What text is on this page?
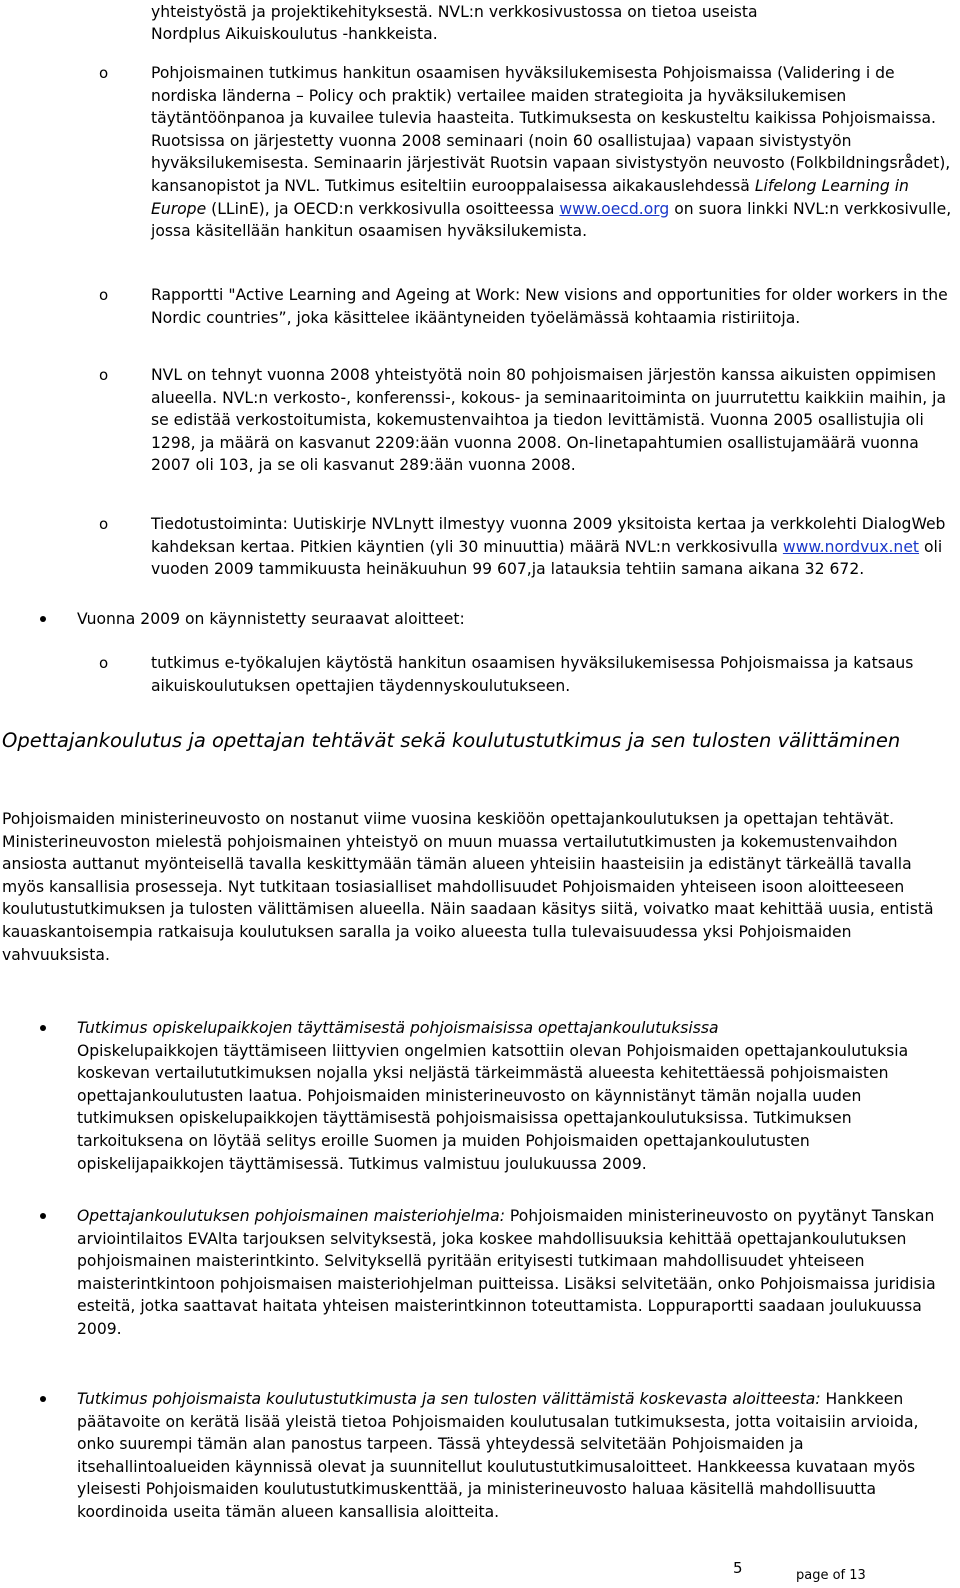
yhteistyöstä ja projektikehityksestä. NVL:n verkkosivustossa on tietoa useista

Nordplus Aikuiskoulutus -hankkeista.

o	Pohjoismainen tutkimus hankitun osaamisen hyväksilukemisesta Pohjoismaissa (Validering i de nordiska länderna – Policy och praktik) vertailee maiden strategioita ja hyväksilukemisen täytäntöönpanoa ja kuvailee tulevia haasteita. Tutkimuksesta on keskusteltu kaikissa Pohjoismaissa. Ruotsissa on järjestetty vuonna 2008 seminaari (noin 60 osallistujaa) vapaan sivistystyön hyväksilukemisesta. Seminaarin järjestivät Ruotsin vapaan sivistystyön neuvosto (Folkbildningsrådet), kansanopistot ja NVL. Tutkimus esiteltiin eurooppalaisessa aikakauslehdessä Lifelong Learning in Europe (LLinE), ja OECD:n verkkosivulla osoitteessa www.oecd.org on suora linkki NVL:n verkkosivulle, jossa käsitellään hankitun osaamisen hyväksilukemista.

o	Rapportti "Active Learning and Ageing at Work: New visions and opportunities for older workers in the Nordic countries”, joka käsittelee ikääntyneiden työelämässä kohtaamia ristiriitoja.

o	NVL on tehnyt vuonna 2008 yhteistyötä noin 80 pohjoismaisen järjestön kanssa aikuisten oppimisen alueella. NVL:n verkosto-, konferenssi-, kokous- ja seminaaritoiminta on juurrutettu kaikkiin maihin, ja se edistää verkostoitumista, kokemustenvaihtoa ja tiedon levittämistä. Vuonna 2005 osallistujia oli 1298, ja määrä on kasvanut 2209:ään vuonna 2008. On-linetapahtumien osallistujamäärä vuonna 2007 oli 103, ja se oli kasvanut 289:ään vuonna 2008.

o	Tiedotustoiminta: Uutiskirje NVLnytt ilmestyy vuonna 2009 yksitoista kertaa ja verkkolehti DialogWeb kahdeksan kertaa. Pitkien käyntien (yli 30 minuuttia) määrä NVL:n verkkosivulla www.nordvux.net oli vuoden 2009 tammikuusta heinäkuuhun 99 607,ja latauksia tehtiin samana aikana 32 672.

Vuonna 2009 on käynnistetty seuraavat aloitteet:

o	tutkimus e-työkalujen käytöstä hankitun osaamisen hyväksilukemisessa Pohjoismaissa ja katsaus aikuiskoulutuksen opettajien täydennyskoulutukseen.

Opettajankoulutus ja opettajan tehtävät sekä koulutustutkimus ja sen tulosten välittäminen

Pohjoismaiden ministerineuvosto on nostanut viime vuosina keskiöön opettajankoulutuksen ja opettajan tehtävät. Ministerineuvoston mielestä pohjoismainen yhteistyö on muun muassa vertailututkimusten ja kokemustenvaihdon ansiosta auttanut myönteisellä tavalla keskittymään tämän alueen yhteisiin haasteisiin ja edistänyt tärkeällä tavalla myös kansallisia prosesseja. Nyt tutkitaan tosiasialliset mahdollisuudet Pohjoismaiden yhteiseen isoon aloitteeseen koulutustutkimuksen ja tulosten välittämisen alueella. Näin saadaan käsitys siitä, voivatko maat kehittää uusia, entistä kauaskantoisempia ratkaisuja koulutuksen saralla ja voiko alueesta tulla tulevaisuudessa yksi Pohjoismaiden vahvuuksista.

Tutkimus opiskelupaikkojen täyttämisestä pohjoismaisissa opettajankoulutuksissa
Opiskelupaikkojen täyttämiseen liittyvien ongelmien katsottiin olevan Pohjoismaiden opettajankoulutuksia koskevan vertailututkimuksen nojalla yksi neljästä tärkeimmästä alueesta kehitettäessä pohjoismaisten opettajankoulutusten laatua. Pohjoismaiden ministerineuvosto on käynnistänyt tämän nojalla uuden tutkimuksen opiskelupaikkojen täyttämisestä pohjoismaisissa opettajankoulutuksissa. Tutkimuksen tarkoituksena on löytää selitys eroille Suomen ja muiden Pohjoismaiden opettajankoulutusten opiskelijapaikkojen täyttämisessä. Tutkimus valmistuu joulukuussa 2009.

Opettajankoulutuksen pohjoismainen maisteriohjelma: Pohjoismaiden ministerineuvosto on pyytänyt Tanskan arviointilaitos EVAlta tarjouksen selvityksestä, joka koskee mahdollisuuksia kehittää opettajankoulutuksen pohjoismainen maisterintkinto. Selvityksellä pyritään erityisesti tutkimaan mahdollisuudet yhteiseen maisterintkintoon pohjoismaisen maisteriohjelman puitteissa. Lisäksi selvitetään, onko Pohjoismaissa juridisia esteitä, jotka saattavat haitata yhteisen maisterintkinnon toteuttamista. Loppuraportti saadaan joulukuussa 2009.

Tutkimus pohjoismaista koulutustutkimusta ja sen tulosten välittämistä koskevasta aloitteesta: Hankkeen päätavoite on kerätä lisää yleistä tietoa Pohjoismaiden koulutusalan tutkimuksesta, jotta voitaisiin arvioida, onko suurempi tämän alan panostus tarpeen. Tässä yhteydessä selvitetään Pohjoismaiden ja itsehallintoalueiden käynnissä olevat ja suunnitellut koulutustutkimusaloitteet. Hankkeessa kuvataan myös yleisesti Pohjoismaiden koulutustutkimuskenttää, ja ministerineuvosto haluaa käsitellä mahdollisuutta koordinoida useita tämän alueen kansallisia aloitteita.

5	page of 13
